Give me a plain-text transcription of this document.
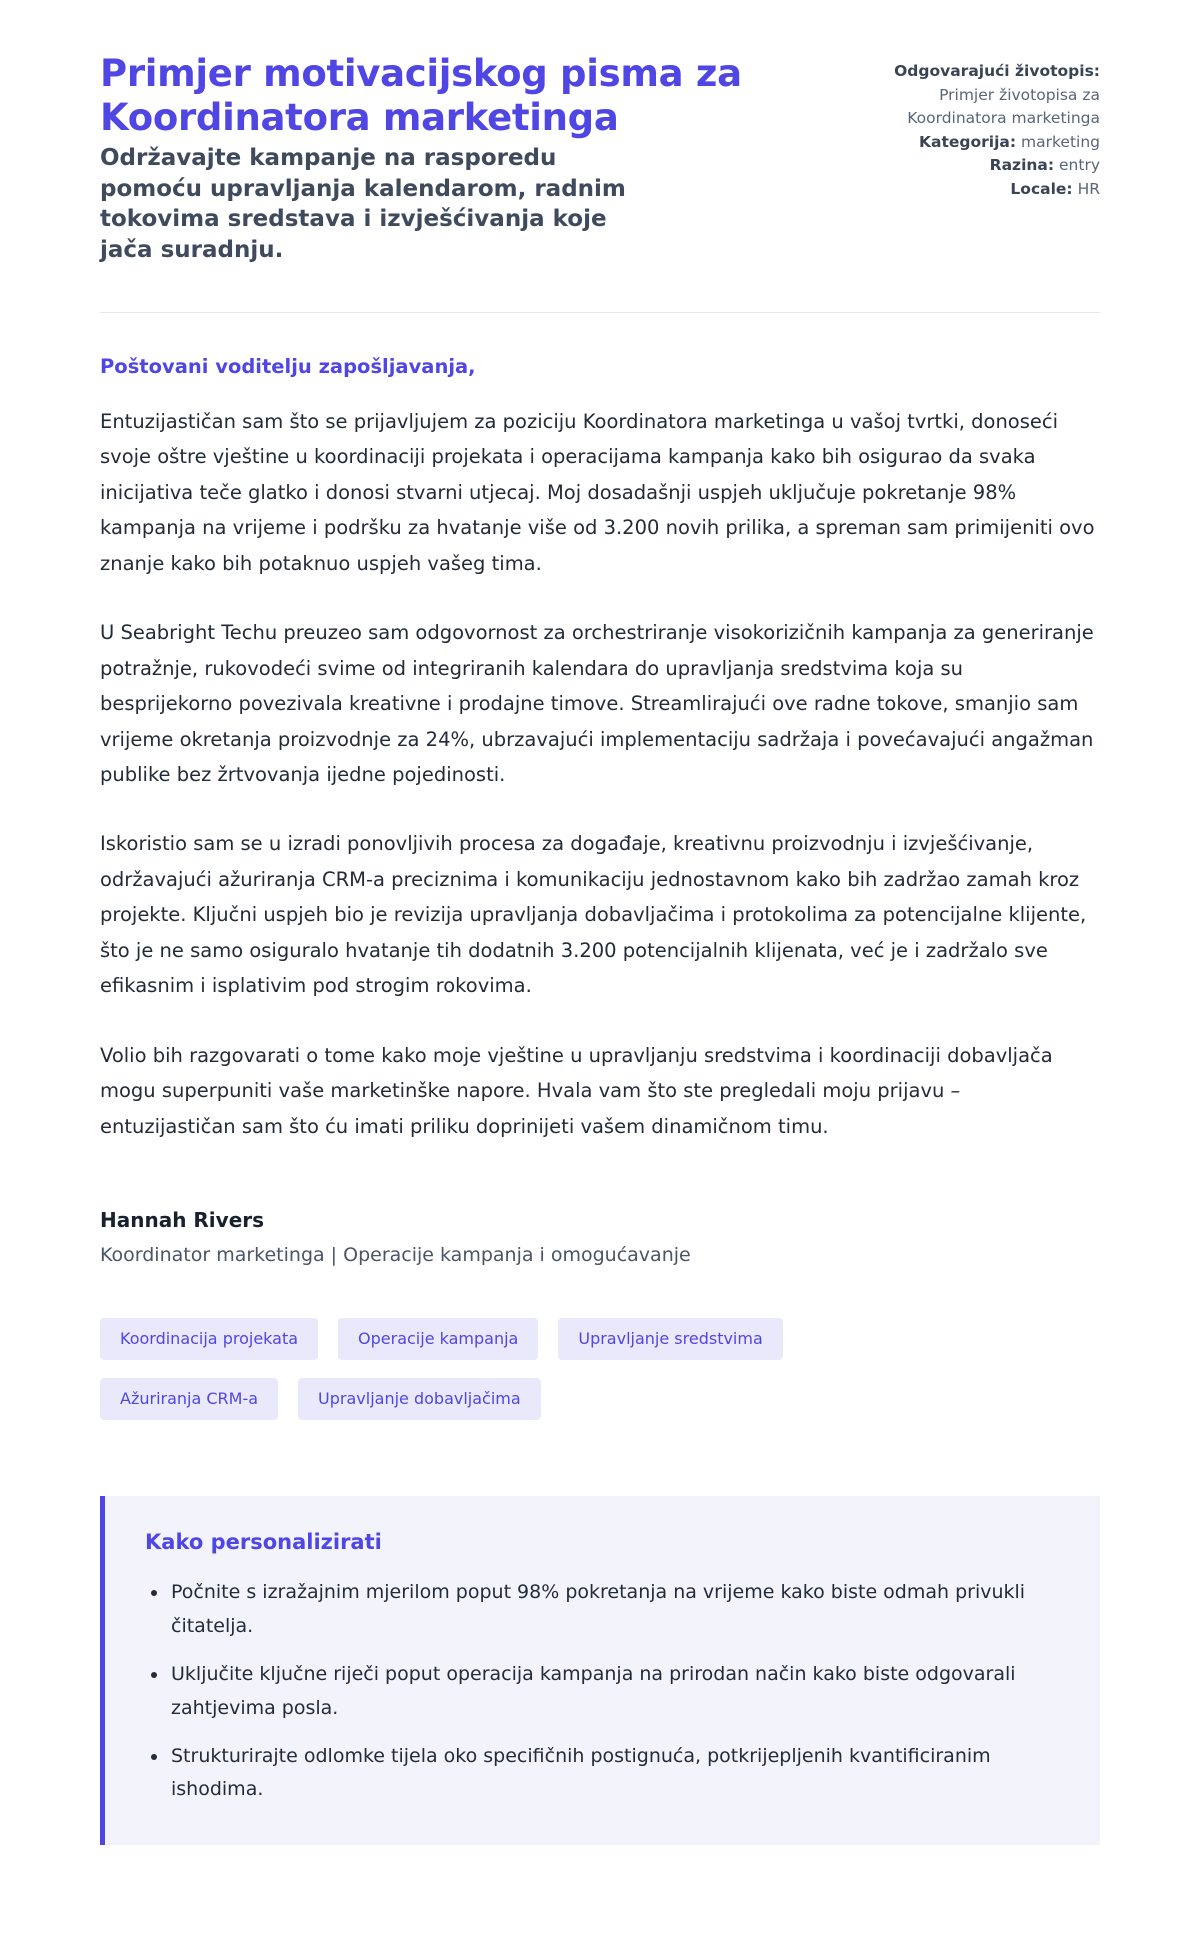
Primjer motivacijskog pisma za Koordinatora marketinga

Održavajte kampanje na rasporedu pomoću upravljanja kalendarom, radnim tokovima sredstava i izvješćivanja koje jača suradnju.

Odgovarajući životopis:
Primjer životopisa za Koordinatora marketinga
Kategorija: marketing
Razina: entry
Locale: HR

Poštovani voditelju zapošljavanja,

Entuzijastičan sam što se prijavljujem za poziciju Koordinatora marketinga u vašoj tvrtki, donoseći svoje oštre vještine u koordinaciji projekata i operacijama kampanja kako bih osigurao da svaka inicijativa teče glatko i donosi stvarni utjecaj. Moj dosadašnji uspjeh uključuje pokretanje 98% kampanja na vrijeme i podršku za hvatanje više od 3.200 novih prilika, a spreman sam primijeniti ovo znanje kako bih potaknuo uspjeh vašeg tima.

U Seabright Techu preuzeo sam odgovornost za orchestriranje visokorizičnih kampanja za generiranje potražnje, rukovodeći svime od integriranih kalendara do upravljanja sredstvima koja su besprijekorno povezivala kreativne i prodajne timove. Streamlirajući ove radne tokove, smanjio sam vrijeme okretanja proizvodnje za 24%, ubrzavajući implementaciju sadržaja i povećavajući angažman publike bez žrtvovanja ijedne pojedinosti.

Iskoristio sam se u izradi ponovljivih procesa za događaje, kreativnu proizvodnju i izvješćivanje, održavajući ažuriranja CRM-a preciznima i komunikaciju jednostavnom kako bih zadržao zamah kroz projekte. Ključni uspjeh bio je revizija upravljanja dobavljačima i protokolima za potencijalne klijente, što je ne samo osiguralo hvatanje tih dodatnih 3.200 potencijalnih klijenata, već je i zadržalo sve efikasnim i isplativim pod strogim rokovima.

Volio bih razgovarati o tome kako moje vještine u upravljanju sredstvima i koordinaciji dobavljača mogu superpuniti vaše marketinške napore. Hvala vam što ste pregledali moju prijavu – entuzijastičan sam što ću imati priliku doprinijeti vašem dinamičnom timu.

Hannah Rivers

Koordinator marketinga | Operacije kampanja i omogućavanje

Koordinacija projekata	Operacije kampanja	Upravljanje sredstvima
Ažuriranja CRM-a	Upravljanje dobavljačima
Kako personalizirati
Počnite s izražajnim mjerilom poput 98% pokretanja na vrijeme kako biste odmah privukli čitatelja.
Uključite ključne riječi poput operacija kampanja na prirodan način kako biste odgovarali zahtjevima posla.
Strukturirajte odlomke tijela oko specifičnih postignuća, potkrijepljenih kvantificiranim ishodima.
